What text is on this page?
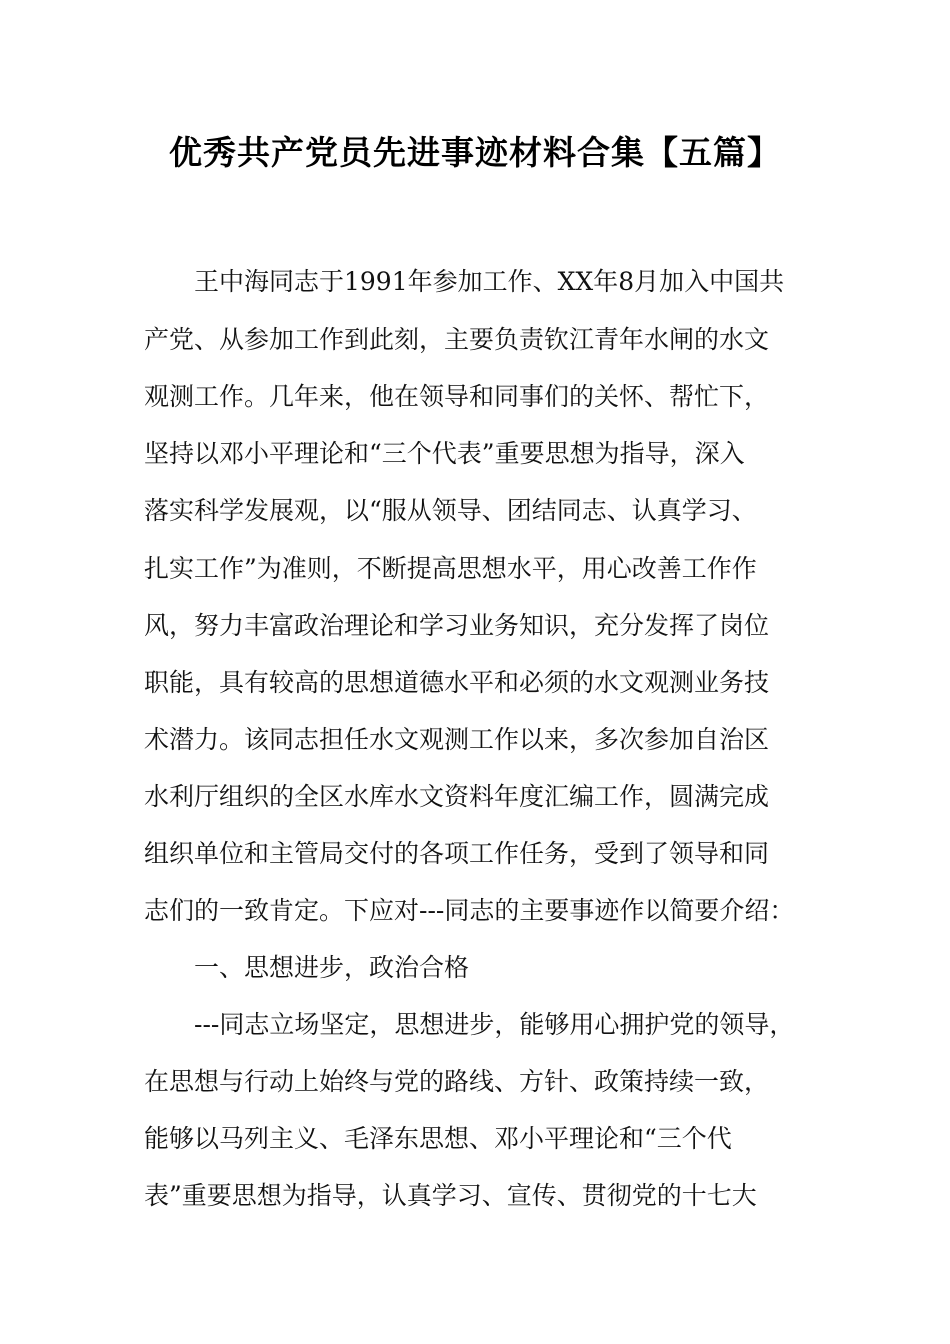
优秀共产党员先进事迹材料合集【五篇】
王中海同志于1991年参加工作、XX年8月加入中国共
产党、从参加工作到此刻，主要负责钦江青年水闸的水文
观测工作。几年来，他在领导和同事们的关怀、帮忙下，
坚持以邓小平理论和“三个代表”重要思想为指导，深入
落实科学发展观，以“服从领导、团结同志、认真学习、
扎实工作”为准则，不断提高思想水平，用心改善工作作
风，努力丰富政治理论和学习业务知识，充分发挥了岗位
职能，具有较高的思想道德水平和必须的水文观测业务技
术潜力。该同志担任水文观测工作以来，多次参加自治区
水利厅组织的全区水库水文资料年度汇编工作，圆满完成
组织单位和主管局交付的各项工作任务，受到了领导和同
志们的一致肯定。下应对---同志的主要事迹作以简要介绍：
一、思想进步，政治合格
---同志立场坚定，思想进步，能够用心拥护党的领导，
在思想与行动上始终与党的路线、方针、政策持续一致，
能够以马列主义、毛泽东思想、邓小平理论和“三个代
表”重要思想为指导，认真学习、宣传、贯彻党的十七大
